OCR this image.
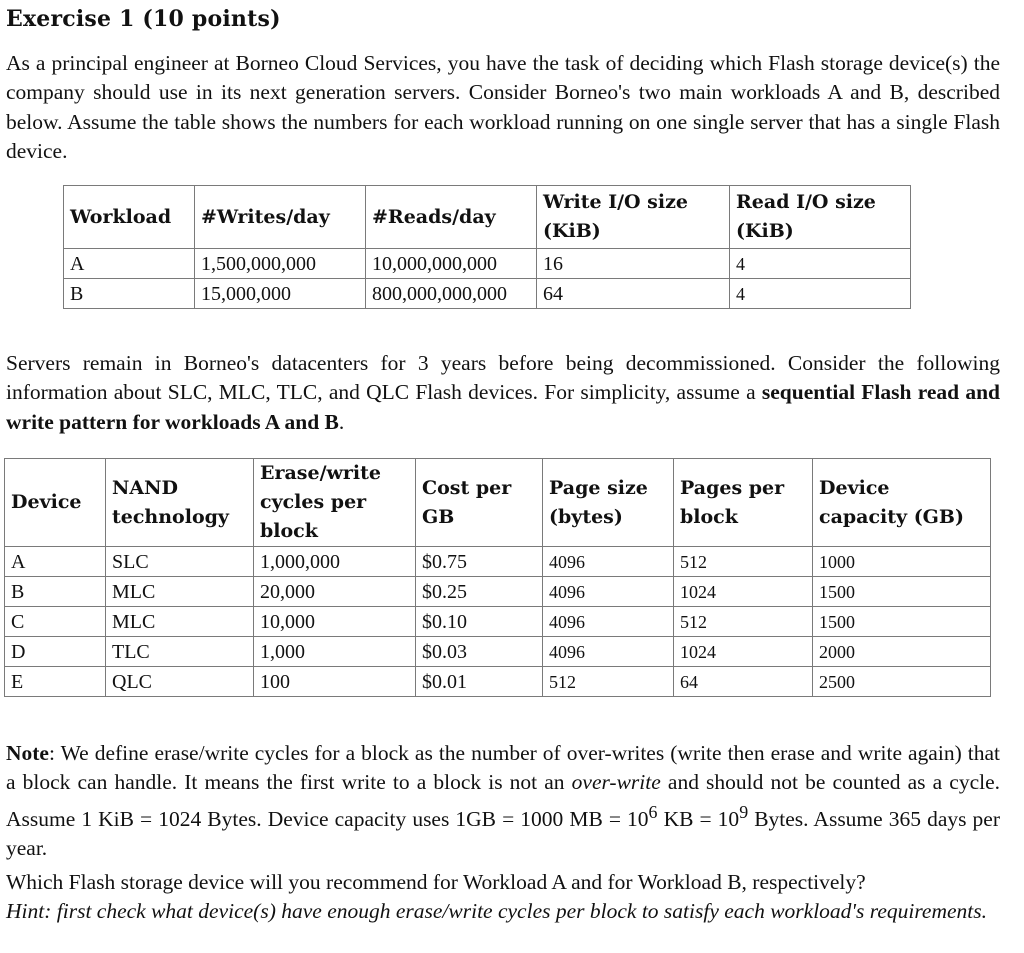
Exercise 1 (10 points)
As a principal engineer at Borneo Cloud Services, you have the task of deciding which Flash storage device(s) the company should use in its next generation servers. Consider Borneo's two main workloads A and B, described below. Assume the table shows the numbers for each workload running on one single server that has a single Flash device.
Workload	#Writes/day	#Reads/day	Write I/O size (KiB)	Read I/O size (KiB)
A	1,500,000,000	10,000,000,000	16	4
B	15,000,000	800,000,000,000	64	4
Servers remain in Borneo's datacenters for 3 years before being decommissioned. Consider the following information about SLC, MLC, TLC, and QLC Flash devices. For simplicity, assume a sequential Flash read and write pattern for workloads A and B.
Device	NAND technology	Erase/write cycles per block	Cost per GB	Page size (bytes)	Pages per block	Device capacity (GB)
A	SLC	1,000,000	$0.75	4096	512	1000
B	MLC	20,000	$0.25	4096	1024	1500
C	MLC	10,000	$0.10	4096	512	1500
D	TLC	1,000	$0.03	4096	1024	2000
E	QLC	100	$0.01	512	64	2500
Note: We define erase/write cycles for a block as the number of over-writes (write then erase and write again) that a block can handle. It means the first write to a block is not an over-write and should not be counted as a cycle. Assume 1 KiB = 1024 Bytes. Device capacity uses 1GB = 1000 MB = $10^6$ KB = $10^9$ Bytes. Assume 365 days per year.
Which Flash storage device will you recommend for Workload A and for Workload B, respectively?
Hint: first check what device(s) have enough erase/write cycles per block to satisfy each workload's requirements.
